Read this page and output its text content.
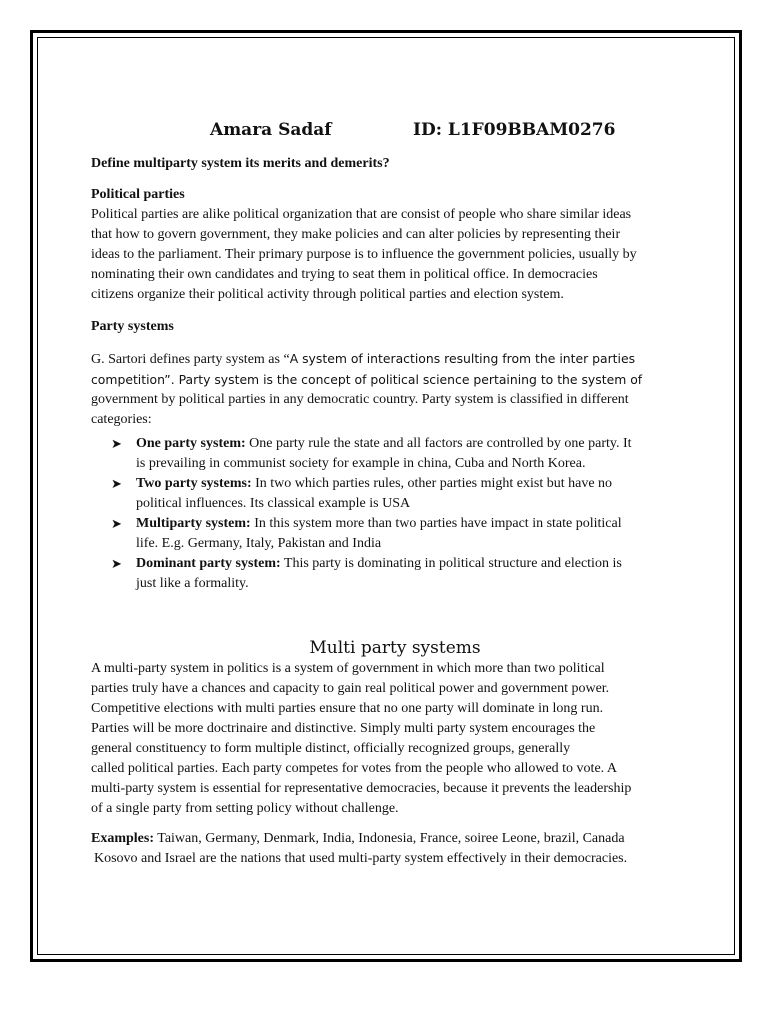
Amara Sadaf	ID: L1F09BBAM0276
Define multiparty system its merits and demerits?
Political parties
Political parties are alike political organization that are consist of people who share similar ideas
that how to govern government, they make policies and can alter policies by representing their
ideas to the parliament. Their primary purpose is to influence the government policies, usually by
nominating their own candidates and trying to seat them in political office. In democracies
citizens organize their political activity through political parties and election system.
Party systems
G. Sartori defines party system as “A system of interactions resulting from the inter parties
competition”. Party system is the concept of political science pertaining to the system of
government by political parties in any democratic country. Party system is classified in different
categories:
➤ One party system: One party rule the state and all factors are controlled by one party. It
is prevailing in communist society for example in china, Cuba and North Korea.
➤ Two party systems: In two which parties rules, other parties might exist but have no
political influences. Its classical example is USA
➤ Multiparty system: In this system more than two parties have impact in state political
life. E.g. Germany, Italy, Pakistan and India
➤ Dominant party system: This party is dominating in political structure and election is
just like a formality.
Multi party systems
A multi-party system in politics is a system of government in which more than two political
parties truly have a chances and capacity to gain real political power and government power.
Competitive elections with multi parties ensure that no one party will dominate in long run.
Parties will be more doctrinaire and distinctive. Simply multi party system encourages the
general constituency to form multiple distinct, officially recognized groups, generally
called political parties. Each party competes for votes from the people who allowed to vote. A
multi-party system is essential for representative democracies, because it prevents the leadership
of a single party from setting policy without challenge.
Examples: Taiwan, Germany, Denmark, India, Indonesia, France, soiree Leone, brazil, Canada
Kosovo and Israel are the nations that used multi-party system effectively in their democracies.
